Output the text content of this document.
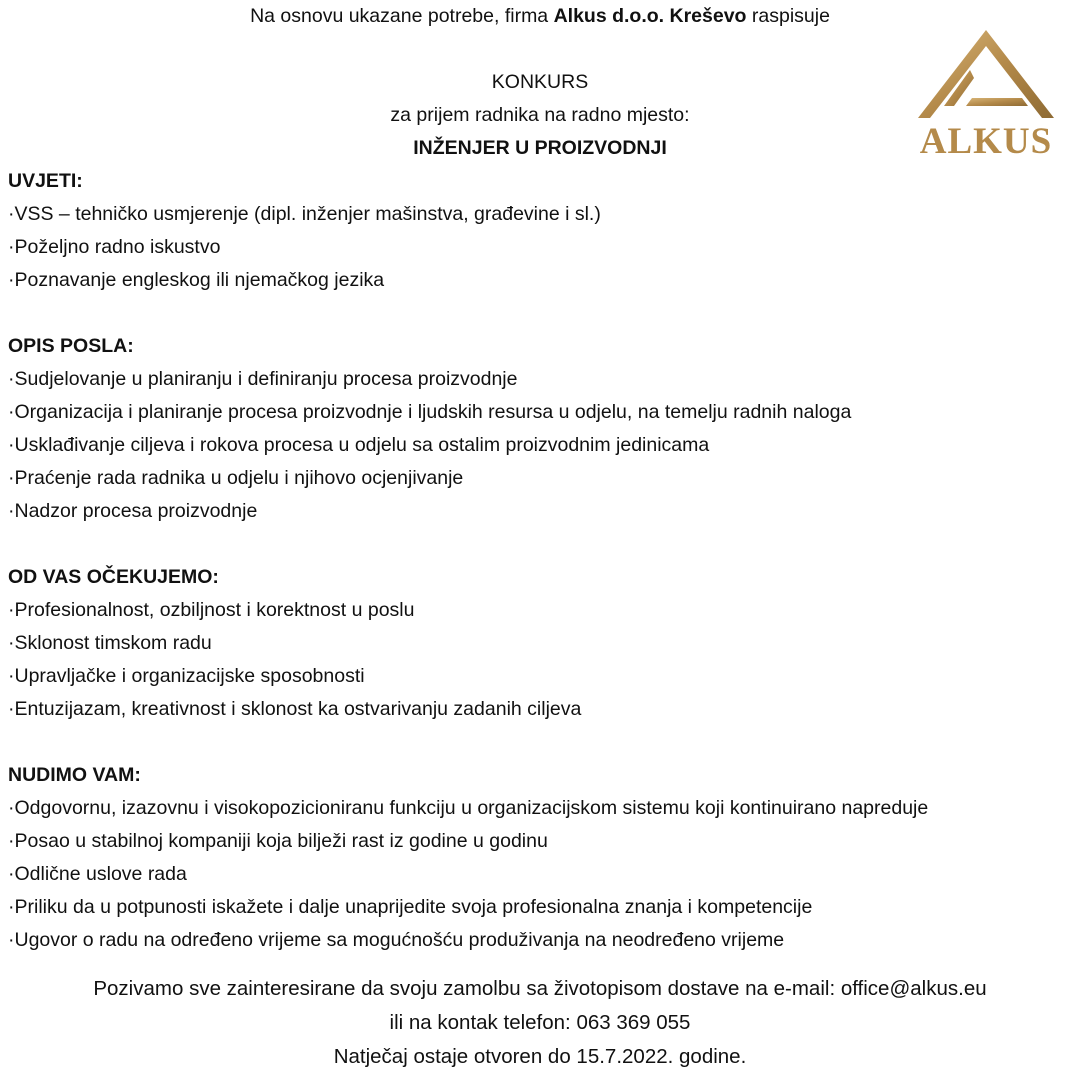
Na osnovu ukazane potrebe, firma Alkus d.o.o. Kreševo raspisuje
KONKURS
za prijem radnika na radno mjesto:
INŽENJER U PROIZVODNJI	ALKUS
UVJETI:
·VSS – tehničko usmjerenje (dipl. inženjer mašinstva, građevine i sl.)
·Poželjno radno iskustvo
·Poznavanje engleskog ili njemačkog jezika
OPIS POSLA:
·Sudjelovanje u planiranju i definiranju procesa proizvodnje
·Organizacija i planiranje procesa proizvodnje i ljudskih resursa u odjelu, na temelju radnih naloga
·Usklađivanje ciljeva i rokova procesa u odjelu sa ostalim proizvodnim jedinicama
·Praćenje rada radnika u odjelu i njihovo ocjenjivanje
·Nadzor procesa proizvodnje
OD VAS OČEKUJEMO:
·Profesionalnost, ozbiljnost i korektnost u poslu
·Sklonost timskom radu
·Upravljačke i organizacijske sposobnosti
·Entuzijazam, kreativnost i sklonost ka ostvarivanju zadanih ciljeva
NUDIMO VAM:
·Odgovornu, izazovnu i visokopozicioniranu funkciju u organizacijskom sistemu koji kontinuirano napreduje
·Posao u stabilnoj kompaniji koja bilježi rast iz godine u godinu
·Odlične uslove rada
·Priliku da u potpunosti iskažete i dalje unaprijedite svoja profesionalna znanja i kompetencije
·Ugovor o radu na određeno vrijeme sa mogućnošću produživanja na neodređeno vrijeme
Pozivamo sve zainteresirane da svoju zamolbu sa životopisom dostave na e-mail: office@alkus.eu
ili na kontak telefon: 063 369 055
Natječaj ostaje otvoren do 15.7.2022. godine.
